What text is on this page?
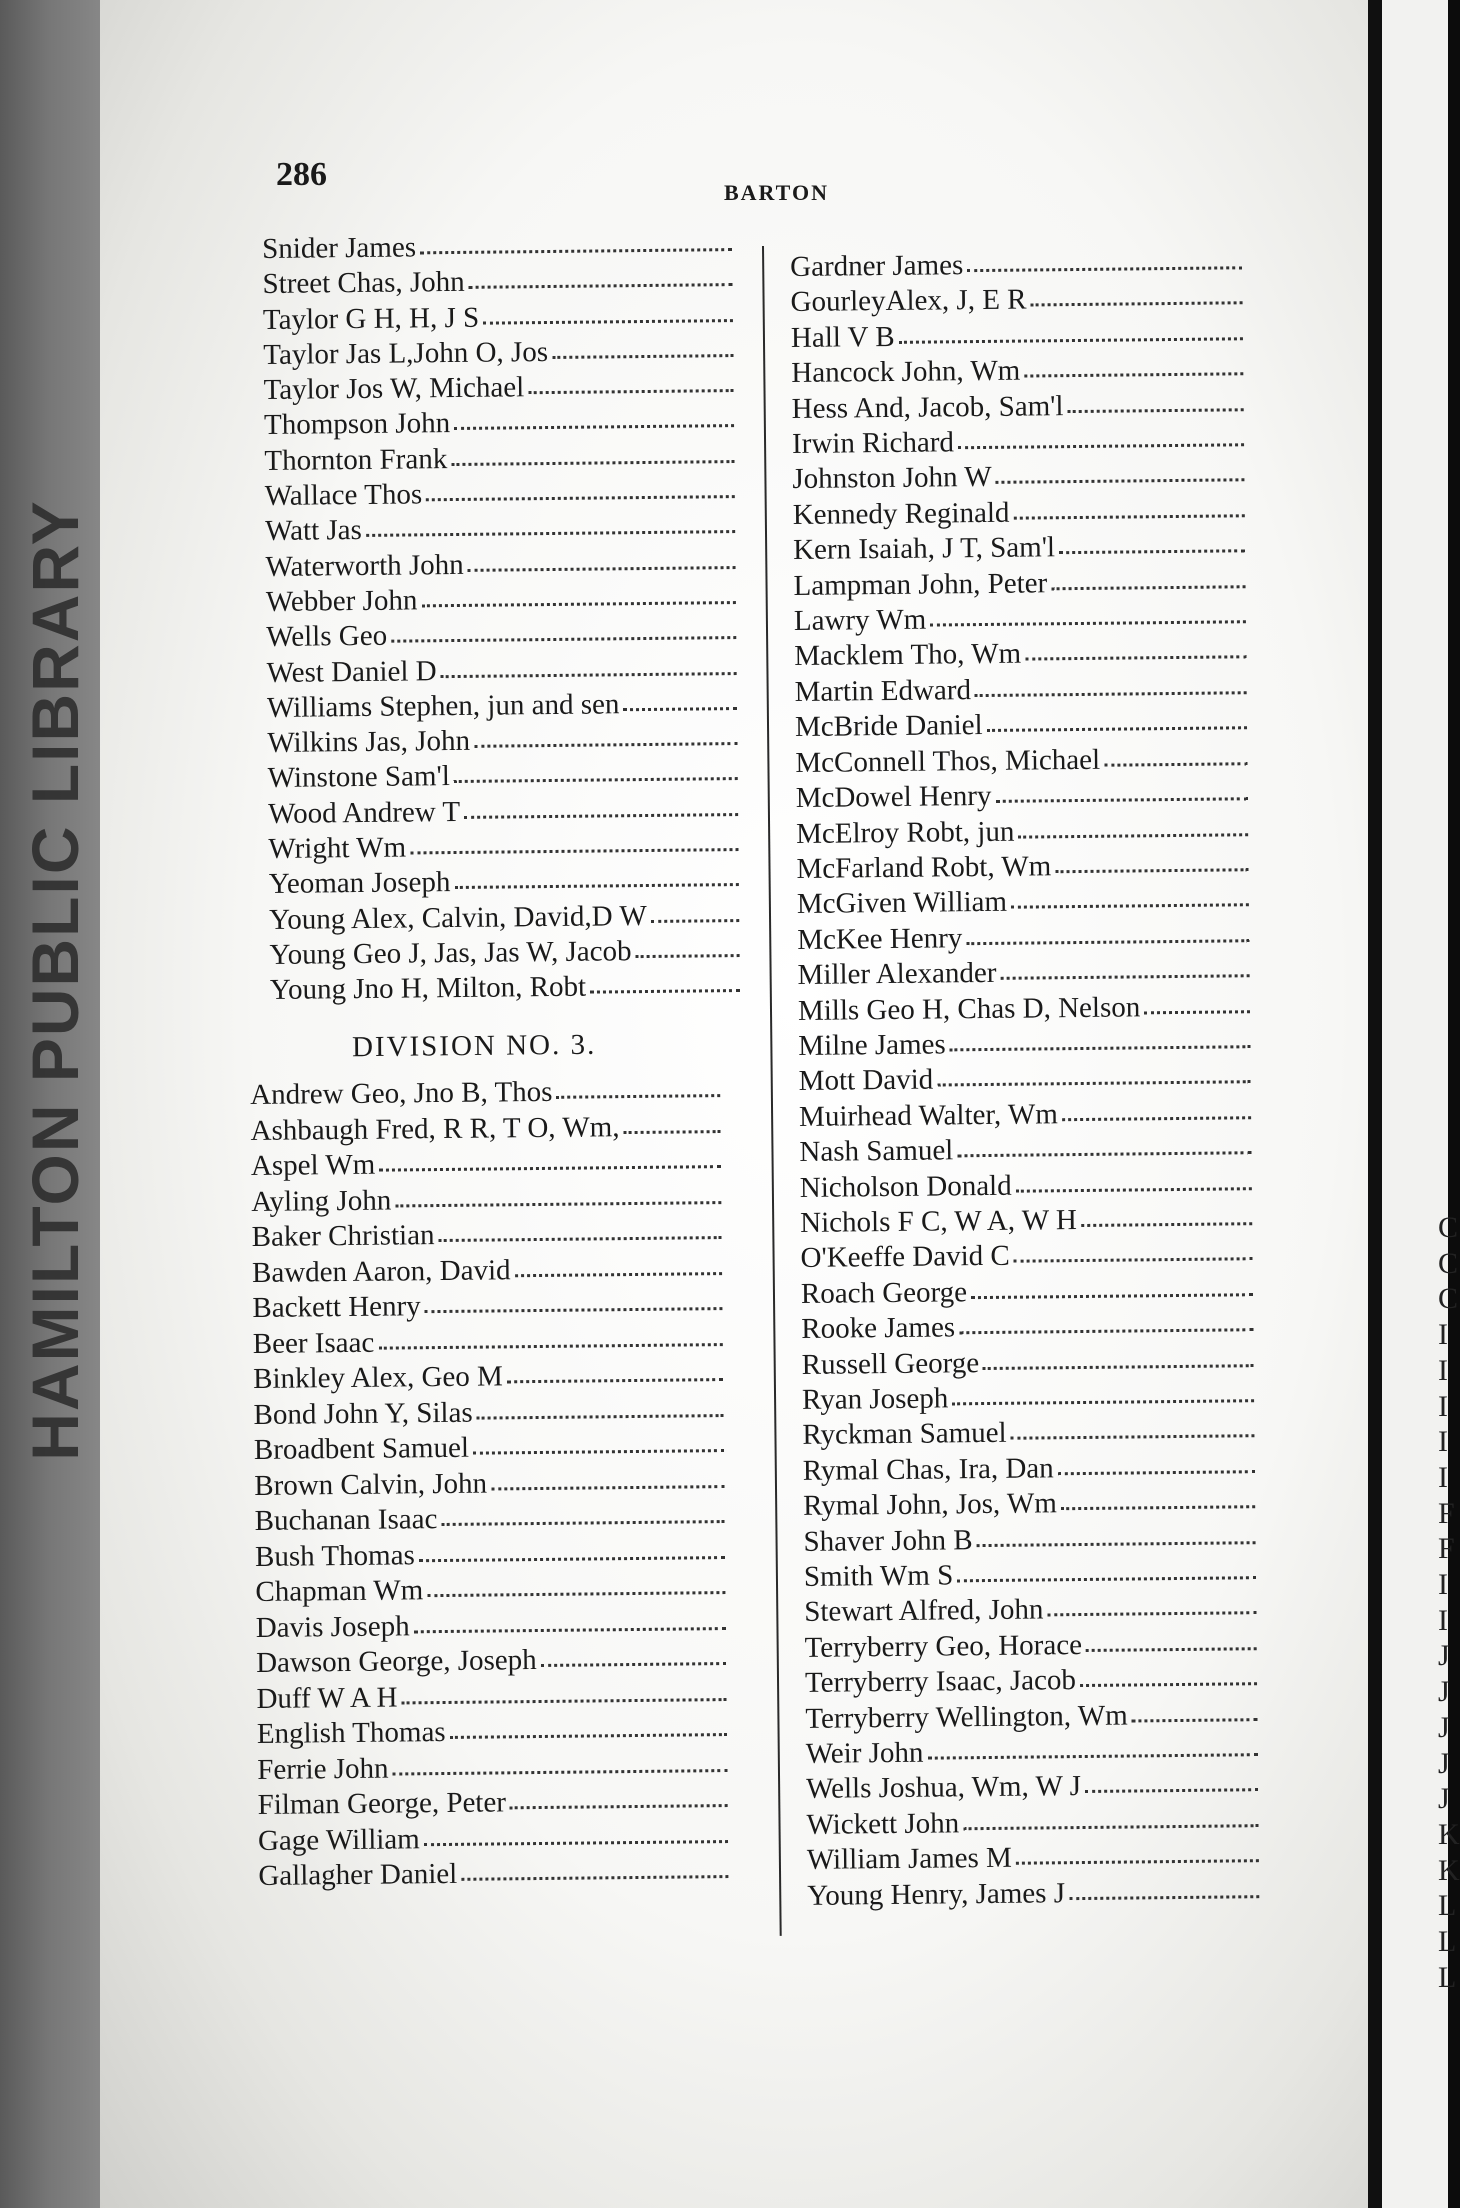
HAMILTON PUBLIC LIBRARY	C
C
C
I
I
I
I
I
F
F
I
I
J
J
J
J
J
K
K
L
L
L

286	BARTON

Snider James
Street Chas, John
Taylor G H, H, J S
Taylor Jas L,John O, Jos
Taylor Jos W, Michael
Thompson John
Thornton Frank
Wallace Thos
Watt Jas
Waterworth John
Webber John
Wells Geo
West Daniel D
Williams Stephen, jun and sen
Wilkins Jas, John
Winstone Sam'l
Wood Andrew T
Wright Wm
Yeoman Joseph
Young Alex, Calvin, David,D W
Young Geo J, Jas, Jas W, Jacob
Young Jno H, Milton, Robt
DIVISION NO. 3.
Andrew Geo, Jno B, Thos
Ashbaugh Fred, R R, T O, Wm,
Aspel Wm
Ayling John
Baker Christian
Bawden Aaron, David
Backett Henry
Beer Isaac
Binkley Alex, Geo M
Bond John Y, Silas
Broadbent Samuel
Brown Calvin, John
Buchanan Isaac
Bush Thomas
Chapman Wm
Davis Joseph
Dawson George, Joseph
Duff W A H
English Thomas
Ferrie John
Filman George, Peter
Gage William
Gallagher Daniel
Gardner James
GourleyAlex, J, E R
Hall V B
Hancock John, Wm
Hess And, Jacob, Sam'l
Irwin Richard
Johnston John W
Kennedy Reginald
Kern Isaiah, J T, Sam'l
Lampman John, Peter
Lawry Wm
Macklem Tho, Wm
Martin Edward
McBride Daniel
McConnell Thos, Michael
McDowel Henry
McElroy Robt, jun
McFarland Robt, Wm
McGiven William
McKee Henry
Miller Alexander
Mills Geo H, Chas D, Nelson
Milne James
Mott David
Muirhead Walter, Wm
Nash Samuel
Nicholson Donald
Nichols F C, W A, W H
O'Keeffe David C
Roach George
Rooke James
Russell George
Ryan Joseph
Ryckman Samuel
Rymal Chas, Ira, Dan
Rymal John, Jos, Wm
Shaver John B
Smith Wm S
Stewart Alfred, John
Terryberry Geo, Horace
Terryberry Isaac, Jacob
Terryberry Wellington, Wm
Weir John
Wells Joshua, Wm, W J
Wickett John
William James M
Young Henry, James J
